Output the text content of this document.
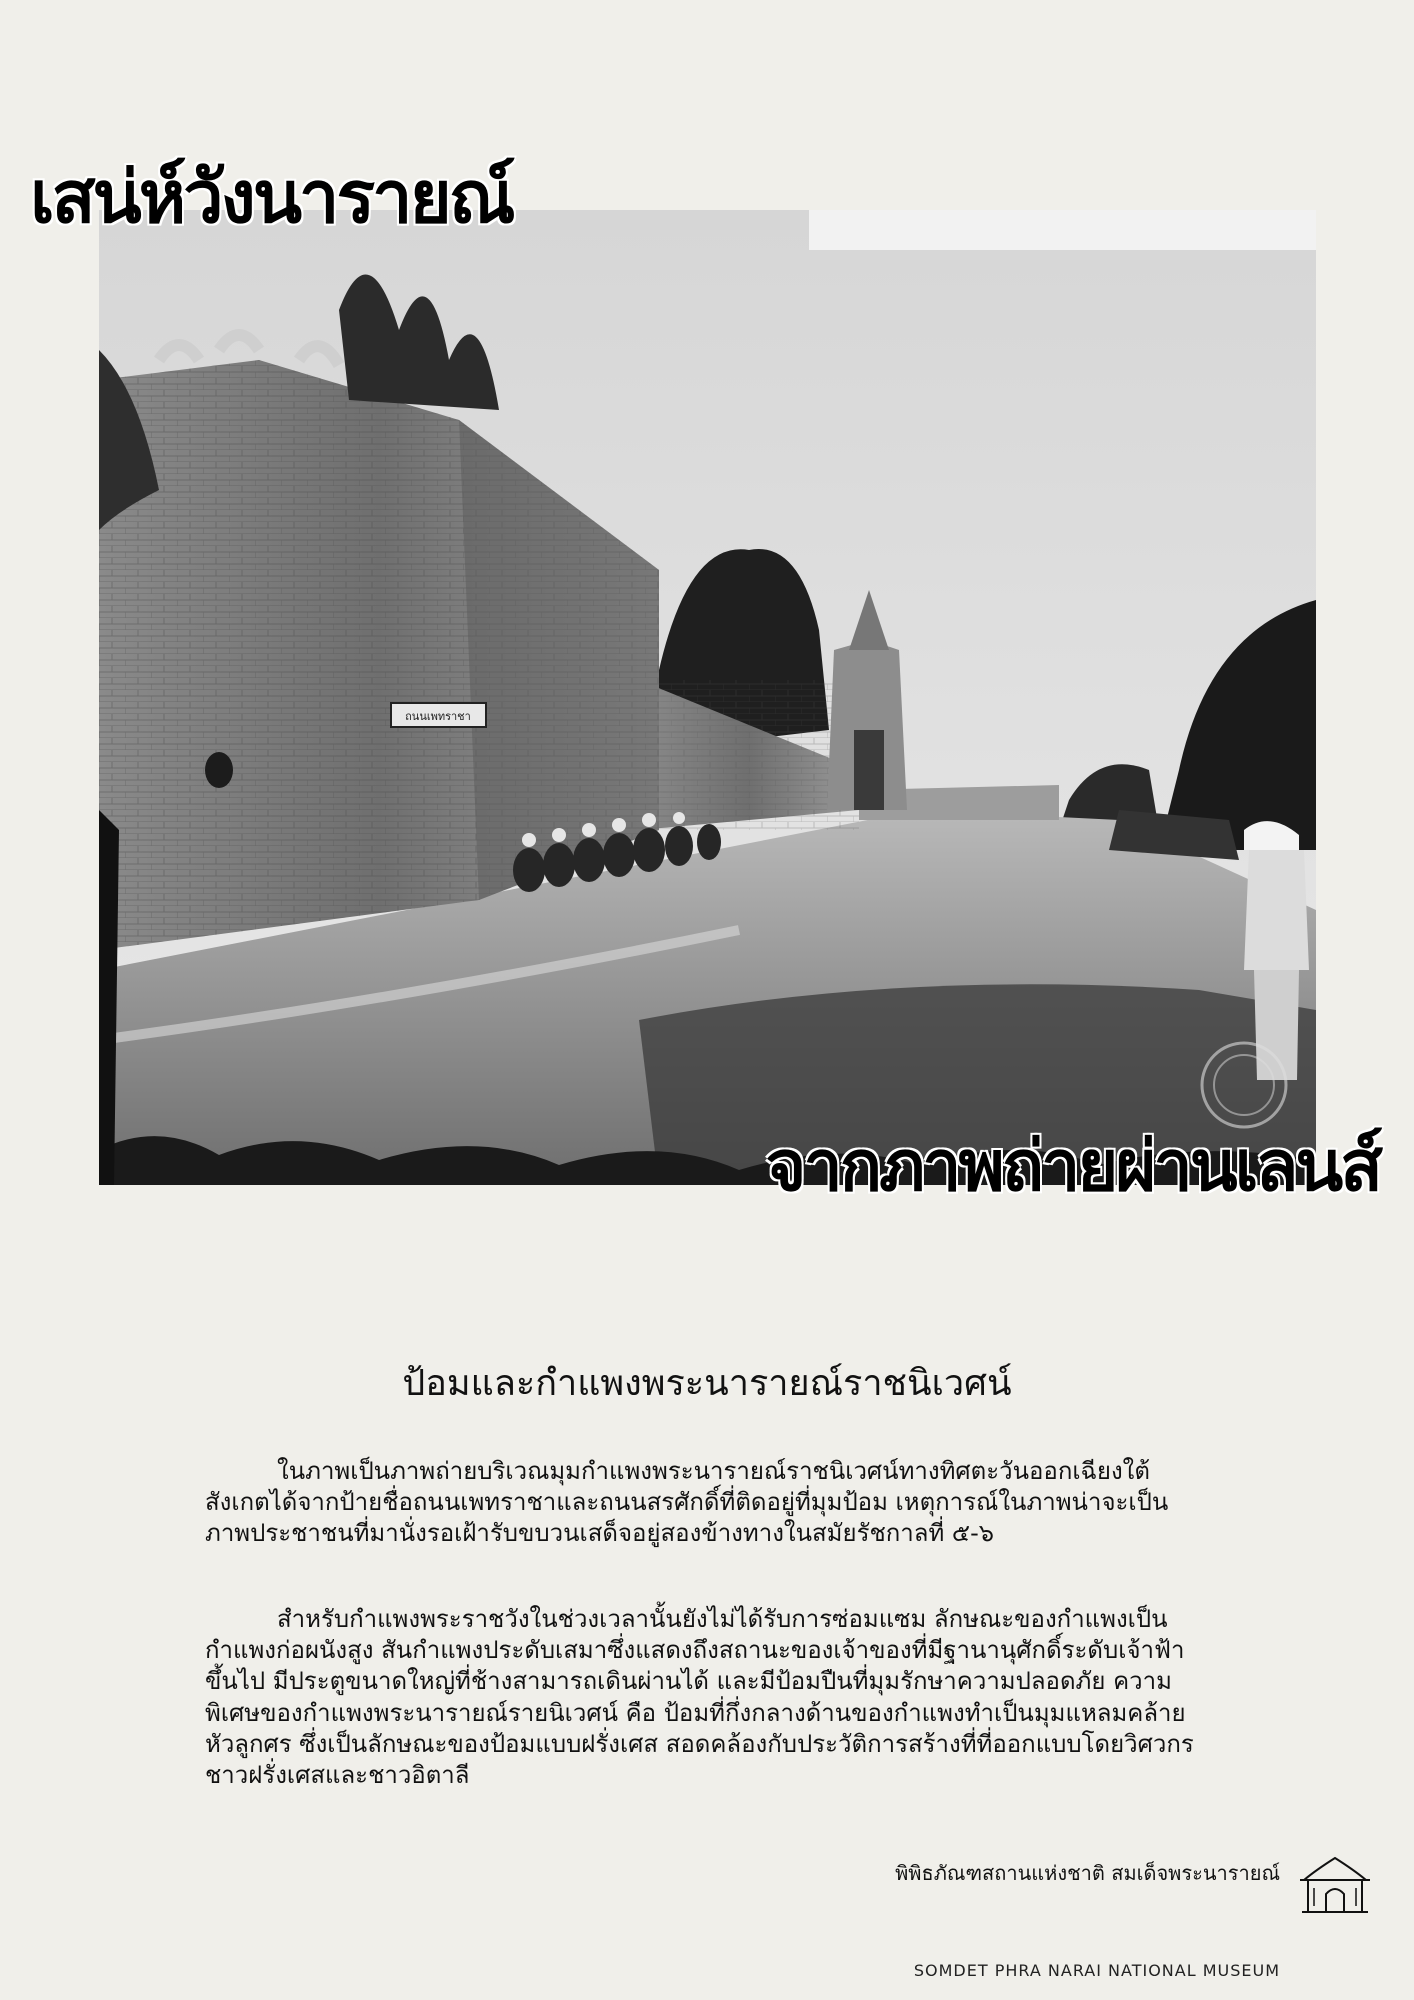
ถนนเพทราชา
เสน่ห์วังนารายณ์
จากภาพถ่ายผ่านเลนส์
ป้อมและกำแพงพระนารายณ์ราชนิเวศน์

ในภาพเป็นภาพถ่ายบริเวณมุมกำแพงพระนารายณ์ราชนิเวศน์ทางทิศตะวันออกเฉียงใต้ สังเกตได้จากป้ายชื่อถนนเพทราชาและถนนสรศักดิ์ที่ติดอยู่ที่มุมป้อม เหตุการณ์ในภาพน่าจะเป็นภาพประชาชนที่มานั่งรอเฝ้ารับขบวนเสด็จอยู่สองข้างทางในสมัยรัชกาลที่ ๕-๖

สำหรับกำแพงพระราชวังในช่วงเวลานั้นยังไม่ได้รับการซ่อมแซม ลักษณะของกำแพงเป็นกำแพงก่อผนังสูง สันกำแพงประดับเสมาซึ่งแสดงถึงสถานะของเจ้าของที่มีฐานานุศักดิ์ระดับเจ้าฟ้าขึ้นไป มีประตูขนาดใหญ่ที่ช้างสามารถเดินผ่านได้ และมีป้อมปืนที่มุมรักษาความปลอดภัย ความพิเศษของกำแพงพระนารายณ์รายนิเวศน์ คือ ป้อมที่กึ่งกลางด้านของกำแพงทำเป็นมุมแหลมคล้ายหัวลูกศร ซึ่งเป็นลักษณะของป้อมแบบฝรั่งเศส สอดคล้องกับประวัติการสร้างที่ที่ออกแบบโดยวิศวกรชาวฝรั่งเศสและชาวอิตาลี

พิพิธภัณฑสถานแห่งชาติ สมเด็จพระนารายณ์
SOMDET PHRA NARAI NATIONAL MUSEUM
